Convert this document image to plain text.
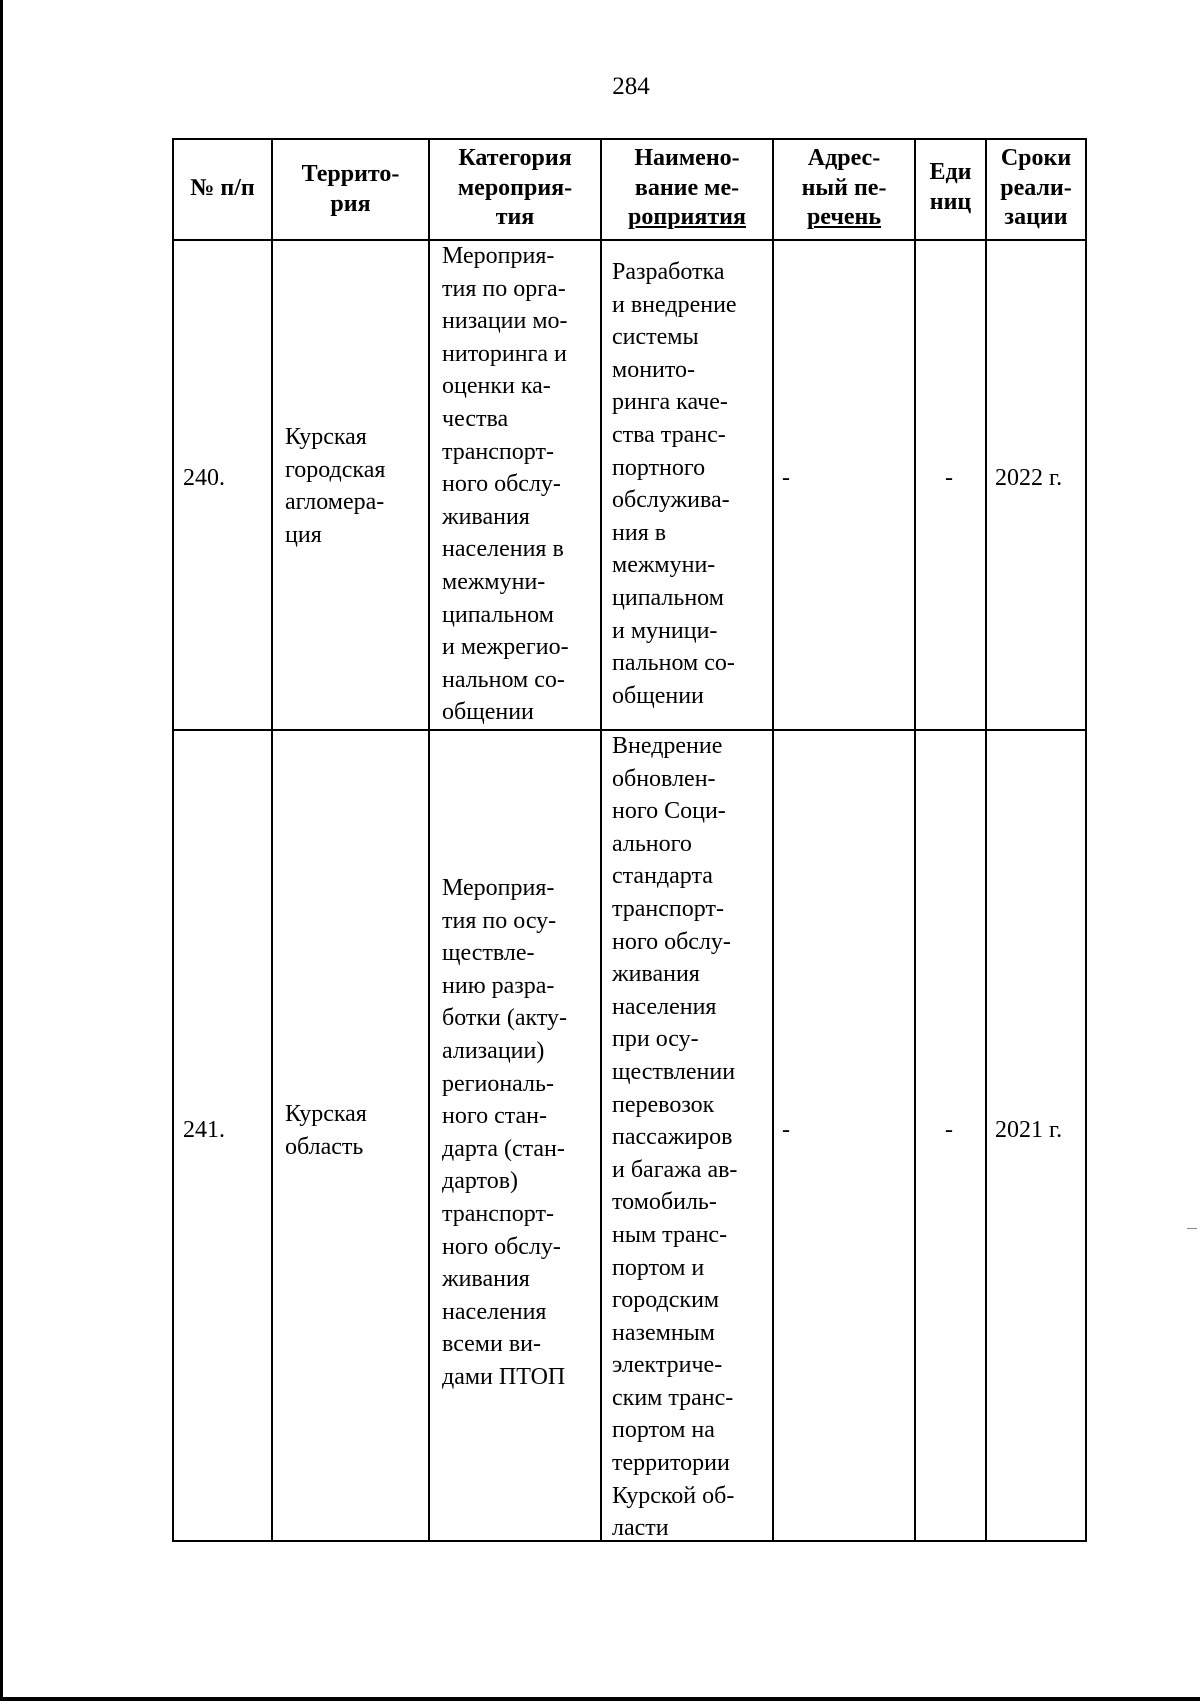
284
№ п/п
Террито-
рия
Категория
мероприя-
тия
Наимено-
вание ме-
роприятия
Адрес-
ный пе-
речень
Еди
ниц
Сроки
реали-
зации
240.
Курская
городская
агломера-
ция
Мероприя-
тия по орга-
низации мо-
ниторинга и
оценки ка-
чества
транспорт-
ного обслу-
живания
населения в
межмуни-
ципальном
и межрегио-
нальном со-
общении
Разработка
и внедрение
системы
монито-
ринга каче-
ства транс-
портного
обслужива-
ния в
межмуни-
ципальном
и муници-
пальном со-
общении
-	- 2022 г.
241.
Курская
область
Мероприя-
тия по осу-
ществле-
нию разра-
ботки (акту-
ализации)
региональ-
ного стан-
дарта (стан-
дартов)
транспорт-
ного обслу-
живания
населения
всеми ви-
дами ПТОП
Внедрение
обновлен-
ного Соци-
ального
стандарта
транспорт-
ного обслу-
живания
населения
при осу-
ществлении
перевозок
пассажиров
и багажа ав-
томобиль-
ным транс-
портом и
городским
наземным
электриче-
ским транс-
портом на
территории
Курской об-
ласти
-	- 2021 г.
